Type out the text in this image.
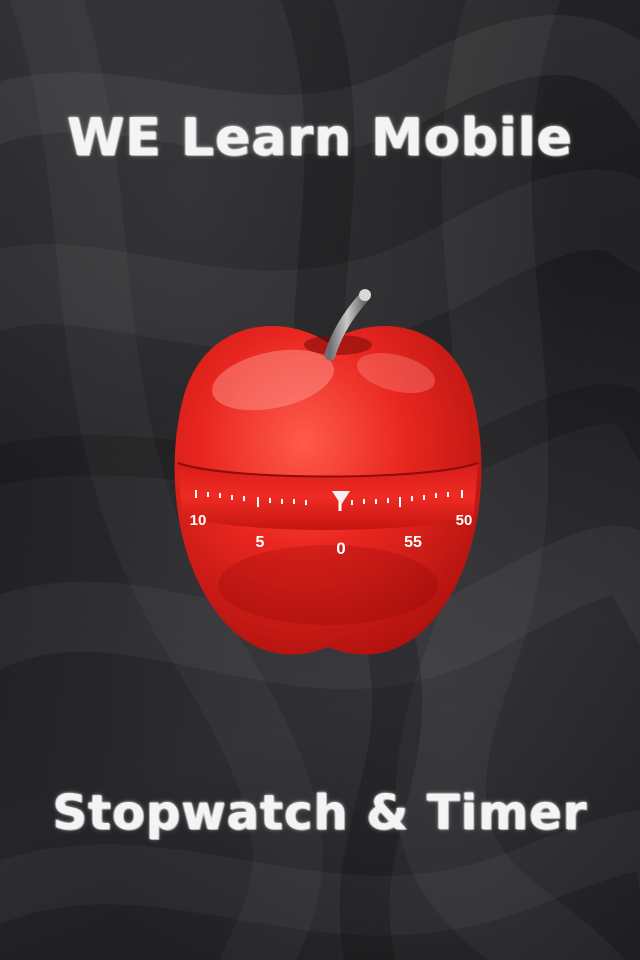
WE Learn Mobile
10
5	0	55
50
Stopwatch & Timer
